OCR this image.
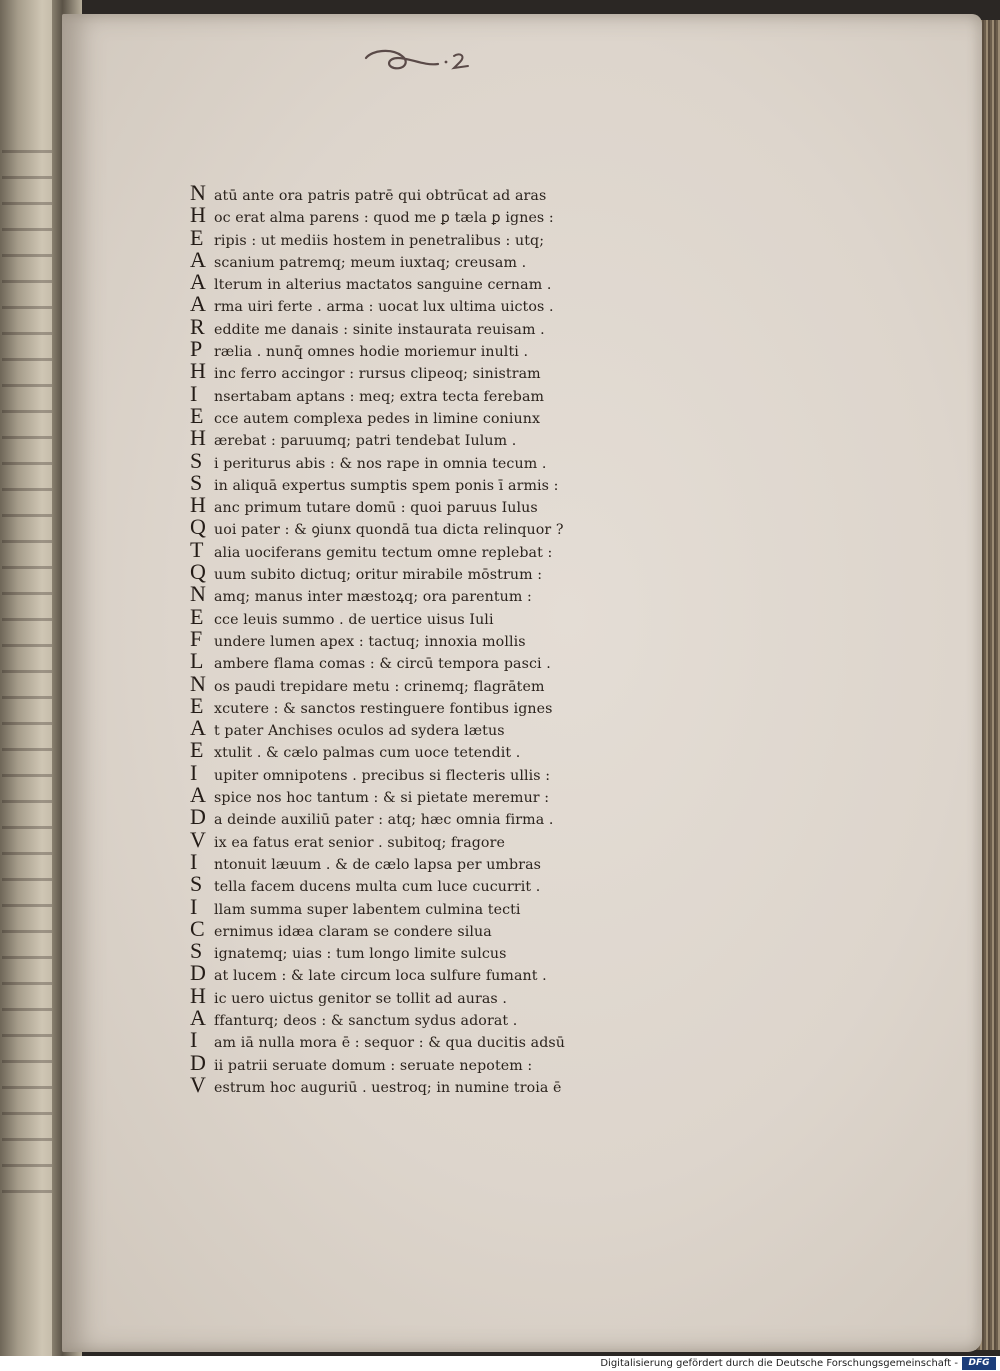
N atū ante ora patris patrē qui obtrūcat ad aras
H oc erat alma parens : quod me ꝑ tæla ꝑ ignes :
E ripis : ut mediis hostem in penetralibus : utq;
A scanium patremq; meum iuxtaq; creusam .
A lterum in alterius mactatos sanguine cernam .
A rma uiri ferte . arma : uocat lux ultima uictos .
R eddite me danais : sinite instaurata reuisam .
P rælia . nunq̄ omnes hodie moriemur inulti .
H inc ferro accingor : rursus clipeoq; sinistram
I	nsertabam aptans : meq; extra tecta ferebam
E cce autem complexa pedes in limine coniunx
H ærebat : paruumq; patri tendebat Iulum .
S i periturus abis : & nos rape in omnia tecum .
S in aliquā expertus sumptis spem ponis ī armis :
H anc primum tutare domū : quoi paruus Iulus
Q uoi pater : & ꝯiunx quondā tua dicta relinquor ?
T alia uociferans gemitu tectum omne replebat :
Q uum subito dictuq; oritur mirabile mōstrum :
N amq; manus inter mæstoꝝq; ora parentum :
E cce leuis summo . de uertice uisus Iuli
F undere lumen apex : tactuq; innoxia mollis
L ambere flama comas : & circū tempora pasci .
N os paudi trepidare metu : crinemq; flagrātem
E xcutere : & sanctos restinguere fontibus ignes
A t pater Anchises oculos ad sydera lætus
E xtulit . & cælo palmas cum uoce tetendit .
I	upiter omnipotens . precibus si flecteris ullis :
A spice nos hoc tantum : & si pietate meremur :
D a deinde auxiliū pater : atq; hæc omnia firma .
V ix ea fatus erat senior . subitoq; fragore
I	ntonuit læuum . & de cælo lapsa per umbras
S tella facem ducens multa cum luce cucurrit .
I	llam summa super labentem culmina tecti
C ernimus idæa claram se condere silua
S ignatemq; uias : tum longo limite sulcus
D at lucem : & late circum loca sulfure fumant .
H ic uero uictus genitor se tollit ad auras .
A ffanturq; deos : & sanctum sydus adorat .
I	am iā nulla mora ē : sequor : & qua ducitis adsū
D ii patrii seruate domum : seruate nepotem :
V estrum hoc auguriū . uestroq; in numine troia ē
Digitalisierung gefördert durch die Deutsche Forschungsgemeinschaft -	DFG
